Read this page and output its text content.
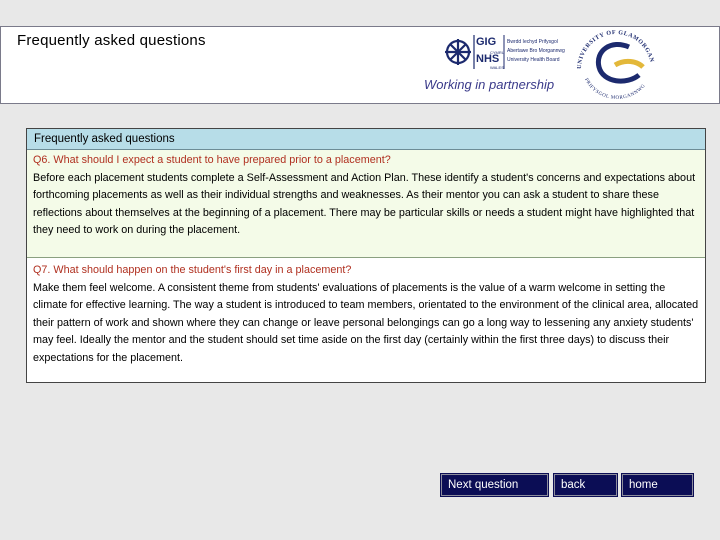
Frequently asked questions	GIG
CYMRU
NHS
WALES
Bwrdd Iechyd Prifysgol
Abertawe Bro Morgannwg
University Health Board
Working in partnership
UNIVERSITY OF GLAMORGAN
PRIFYSGOL MORGANNWG
Frequently asked questions
Q6. What should I expect a student to have prepared prior to a placement?
Before each placement students complete a Self-Assessment and Action Plan. These identify a student's concerns and expectations about forthcoming placements as well as their individual strengths and weaknesses. As their mentor you can ask a student to share these reflections about themselves at the beginning of a placement. There may be particular skills or needs a student might have highlighted that they need to work on during the placement.
Q7. What should happen on the student's first day in a placement?
Make them feel welcome. A consistent theme from students' evaluations of placements is the value of a warm welcome in setting the climate for effective learning. The way a student is introduced to team members, orientated to the environment of the clinical area, allocated their pattern of work and shown where they can change or leave personal belongings can go a long way to lessening any anxiety students' may feel. Ideally the mentor and the student should set time aside on the first day (certainly within the first three days) to discuss their expectations for the placement.
Next question	back	home
